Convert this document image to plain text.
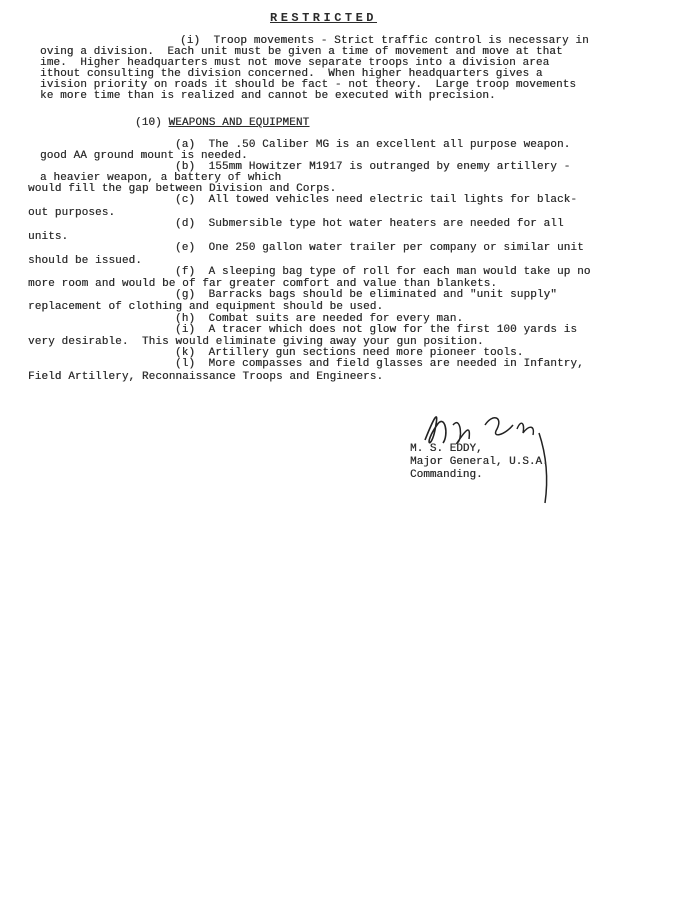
RESTRICTED
(i)  Troop movements - Strict traffic control is necessary in
oving a division.  Each unit must be given a time of movement and move at that
ime.  Higher headquarters must not move separate troops into a division area
ithout consulting the division concerned.  When higher headquarters gives a
ivision priority on roads it should be fact - not theory.  Large troop movements
ke more time than is realized and cannot be executed with precision.
(10) WEAPONS AND EQUIPMENT
(a)  The .50 Caliber MG is an excellent all purpose weapon.
good AA ground mount is needed.
(b)  155mm Howitzer M1917 is outranged by enemy artillery -
a heavier weapon, a battery of which
would fill the gap between Division and Corps.
(c)  All towed vehicles need electric tail lights for black-
out purposes.
(d)  Submersible type hot water heaters are needed for all
units.
(e)  One 250 gallon water trailer per company or similar unit
should be issued.
(f)  A sleeping bag type of roll for each man would take up no
more room and would be of far greater comfort and value than blankets.
(g)  Barracks bags should be eliminated and "unit supply"
replacement of clothing and equipment should be used.
(h)  Combat suits are needed for every man.
(i)  A tracer which does not glow for the first 100 yards is
very desirable.  This would eliminate giving away your gun position.
(k)  Artillery gun sections need more pioneer tools.
(l)  More compasses and field glasses are needed in Infantry,
Field Artillery, Reconnaissance Troops and Engineers.
M. S. EDDY,
Major General, U.S.A.
Commanding.
